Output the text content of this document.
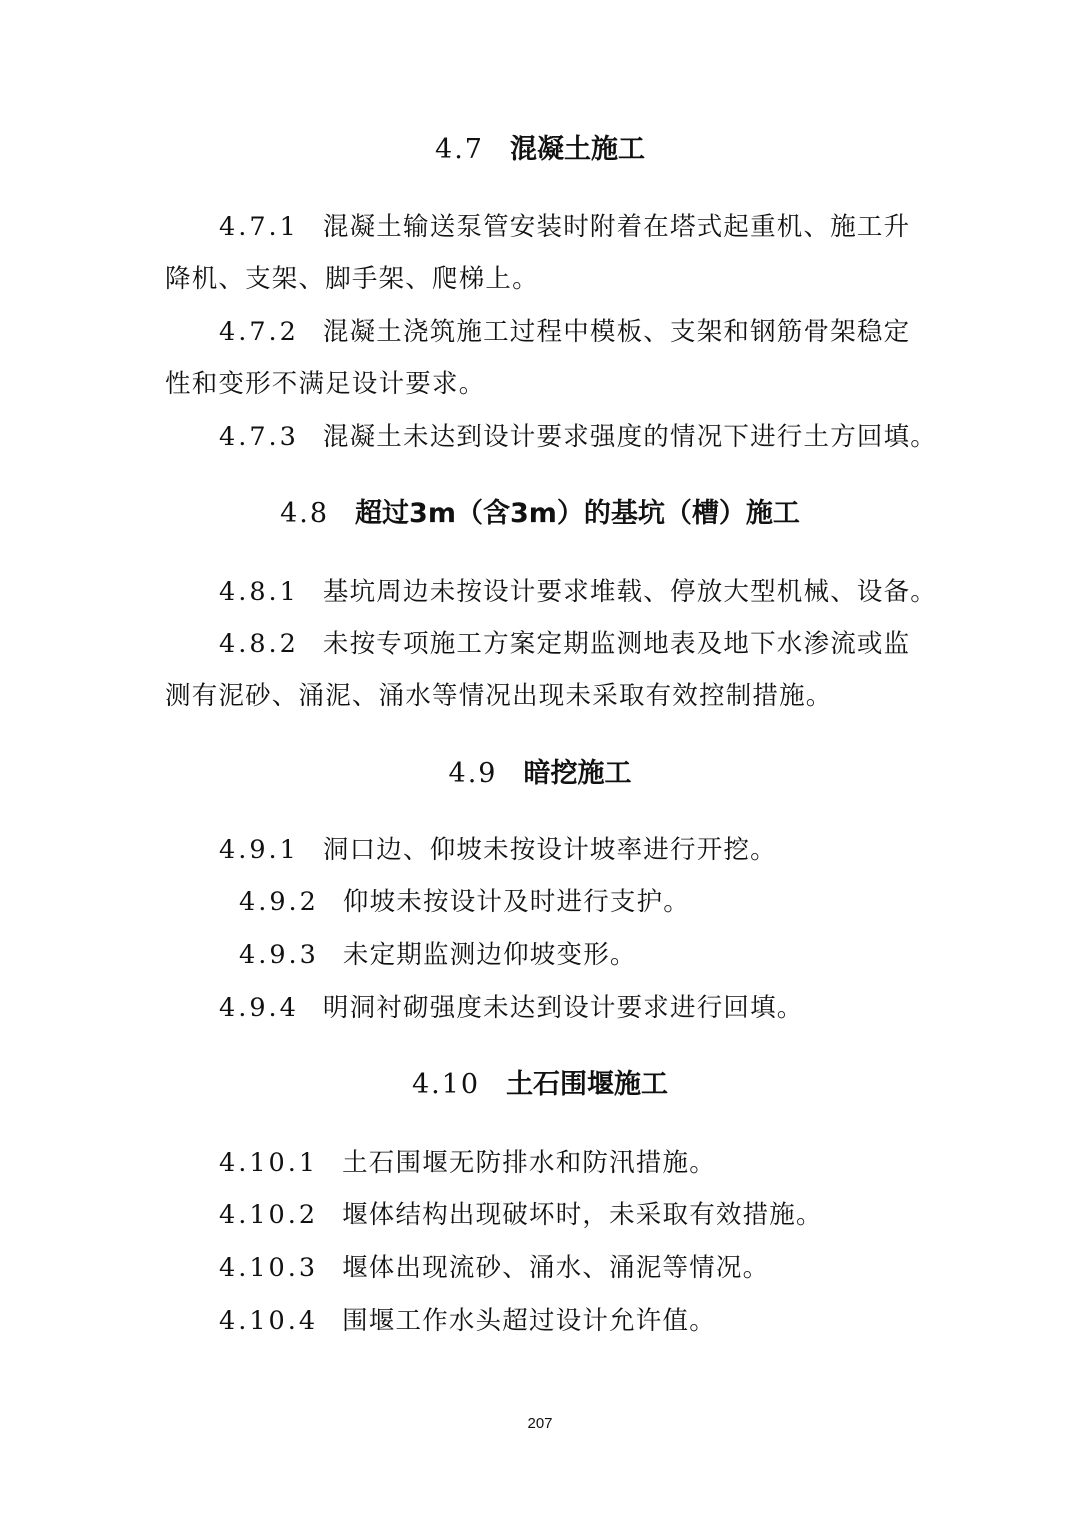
4.7 混凝土施工
4.7.1 混凝土输送泵管安装时附着在塔式起重机、施工升
降机、支架、脚手架、爬梯上。
4.7.2 混凝土浇筑施工过程中模板、支架和钢筋骨架稳定
性和变形不满足设计要求。
4.7.3 混凝土未达到设计要求强度的情况下进行土方回填。
4.8 超过3m（含3m）的基坑（槽）施工
4.8.1 基坑周边未按设计要求堆载、停放大型机械、设备。
4.8.2 未按专项施工方案定期监测地表及地下水渗流或监
测有泥砂、涌泥、涌水等情况出现未采取有效控制措施。
4.9 暗挖施工
4.9.1 洞口边、仰坡未按设计坡率进行开挖。
4.9.2 仰坡未按设计及时进行支护。
4.9.3 未定期监测边仰坡变形。
4.9.4 明洞衬砌强度未达到设计要求进行回填。
4.10 土石围堰施工
4.10.1 土石围堰无防排水和防汛措施。
4.10.2 堰体结构出现破坏时，未采取有效措施。
4.10.3 堰体出现流砂、涌水、涌泥等情况。
4.10.4 围堰工作水头超过设计允许值。
207
